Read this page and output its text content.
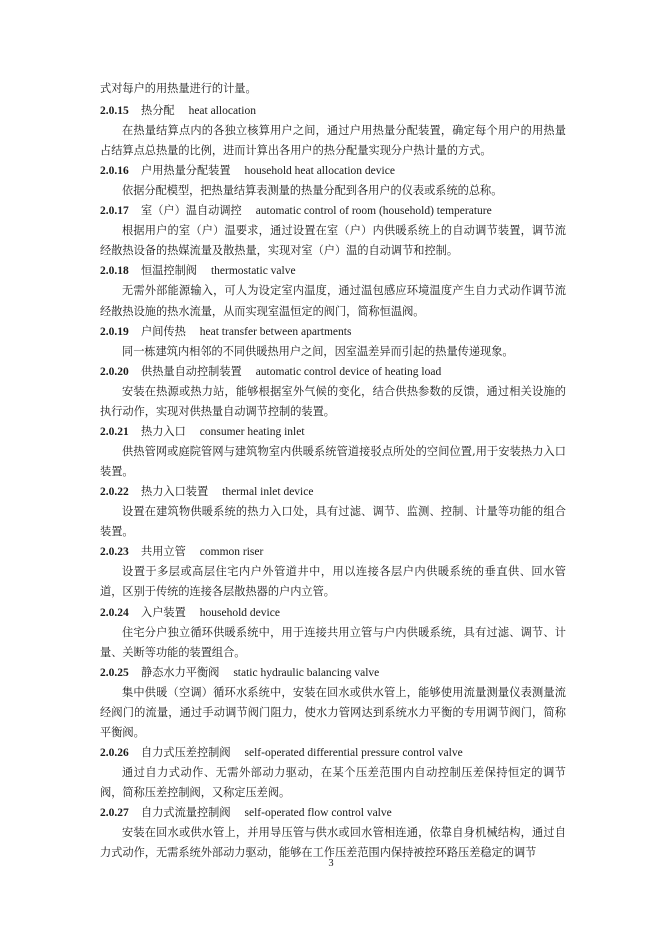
式对每户的用热量进行的计量。
2.0.15	热分配 heat allocation

在热量结算点内的各独立核算用户之间，通过户用热量分配装置，确定每个用户的用热量占结算点总热量的比例，进而计算出各用户的热分配量实现分户热计量的方式。

2.0.16	户用热量分配装置 household heat allocation device

依据分配模型，把热量结算表测量的热量分配到各用户的仪表或系统的总称。

2.0.17	室（户）温自动调控 automatic control of room (household) temperature

根据用户的室（户）温要求，通过设置在室（户）内供暖系统上的自动调节装置，调节流经散热设备的热媒流量及散热量，实现对室（户）温的自动调节和控制。

2.0.18	恒温控制阀 thermostatic valve

无需外部能源输入，可人为设定室内温度，通过温包感应环境温度产生自力式动作调节流经散热设施的热水流量，从而实现室温恒定的阀门，简称恒温阀。

2.0.19	户间传热 heat transfer between apartments

同一栋建筑内相邻的不同供暖热用户之间，因室温差异而引起的热量传递现象。

2.0.20	供热量自动控制装置 automatic control device of heating load

安装在热源或热力站，能够根据室外气候的变化，结合供热参数的反馈，通过相关设施的执行动作，实现对供热量自动调节控制的装置。

2.0.21	热力入口 consumer heating inlet

供热管网或庭院管网与建筑物室内供暖系统管道接驳点所处的空间位置,用于安装热力入口装置。

2.0.22	热力入口装置 thermal inlet device

设置在建筑物供暖系统的热力入口处，具有过滤、调节、监测、控制、计量等功能的组合装置。

2.0.23	共用立管 common riser

设置于多层或高层住宅内户外管道井中，用以连接各层户内供暖系统的垂直供、回水管道，区别于传统的连接各层散热器的户内立管。

2.0.24	入户装置 household device

住宅分户独立循环供暖系统中，用于连接共用立管与户内供暖系统，具有过滤、调节、计量、关断等功能的装置组合。

2.0.25	静态水力平衡阀 static hydraulic balancing valve

集中供暖（空调）循环水系统中，安装在回水或供水管上，能够使用流量测量仪表测量流经阀门的流量，通过手动调节阀门阻力，使水力管网达到系统水力平衡的专用调节阀门，简称平衡阀。

2.0.26	自力式压差控制阀 self-operated differential pressure control valve

通过自力式动作、无需外部动力驱动，在某个压差范围内自动控制压差保持恒定的调节阀，简称压差控制阀，又称定压差阀。

2.0.27	自力式流量控制阀 self-operated flow control valve

安装在回水或供水管上，并用导压管与供水或回水管相连通，依靠自身机械结构，通过自力式动作，无需系统外部动力驱动，能够在工作压差范围内保持被控环路压差稳定的调节

3
